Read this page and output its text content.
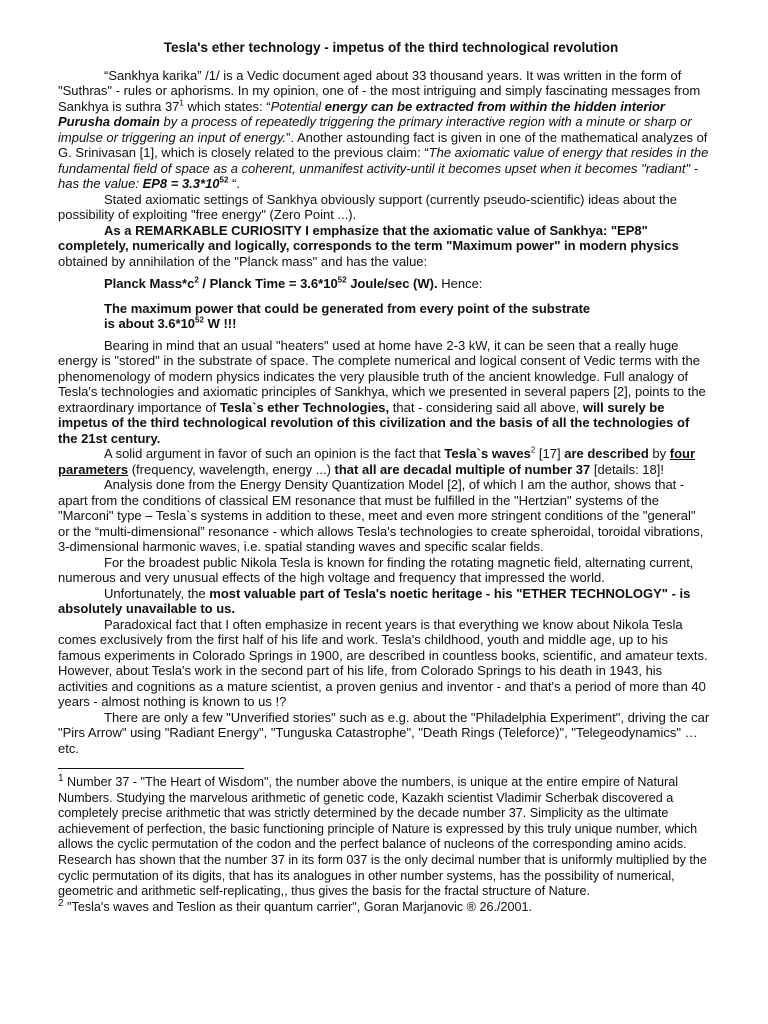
Tesla's ether technology - impetus of the third technological revolution

“Sankhya karika” /1/ is a Vedic document aged about 33 thousand years. It was written in the form of "Suthras" - rules or aphorisms. In my opinion, one of - the most intriguing and simply fascinating messages from Sankhya is suthra $37^1$ which states: “Potential energy can be extracted from within the hidden interior Purusha domain by a process of repeatedly triggering the primary interactive region with a minute or sharp or impulse or triggering an input of energy.”. Another astounding fact is given in one of the mathematical analyzes of G. Srinivasan [1], which is closely related to the previous claim: “The axiomatic value of energy that resides in the fundamental field of space as a coherent, unmanifest activity-until it becomes upset when it becomes "radiant" - has the value: $EP8 = 3.3*10^{52}$ “.

Stated axiomatic settings of Sankhya obviously support (currently pseudo-scientific) ideas about the possibility of exploiting "free energy" (Zero Point ...).

As a REMARKABLE CURIOSITY I emphasize that the axiomatic value of Sankhya: "EP8" completely, numerically and logically, corresponds to the term "Maximum power" in modern physics obtained by annihilation of the "Planck mass" and has the value:

Planck $Mass*c^2$ / Planck Time = $3.6*10^{52}$ Joule/sec (W). Hence:

The maximum power that could be generated from every point of the substrate
is about $3.6*10^{52}$ W !!!

Bearing in mind that an usual "heaters" used at home have 2-3 kW, it can be seen that a really huge energy is "stored" in the substrate of space. The complete numerical and logical consent of Vedic terms with the phenomenology of modern physics indicates the very plausible truth of the ancient knowledge. Full analogy of Tesla's technologies and axiomatic principles of Sankhya, which we presented in several papers [2], points to the extraordinary importance of Tesla`s ether Technologies, that - considering said all above, will surely be impetus of the third technological revolution of this civilization and the basis of all the technologies of the 21st century.

A solid argument in favor of such an opinion is the fact that Tesla`s waves$^2$ [17] are described by four parameters (frequency, wavelength, energy ...) that all are decadal multiple of number 37 [details: 18]!

Analysis done from the Energy Density Quantization Model [2], of which I am the author, shows that - apart from the conditions of classical EM resonance that must be fulfilled in the "Hertzian" systems of the "Marconi" type – Tesla`s systems in addition to these, meet and even more stringent conditions of the "general" or the “multi-dimensional” resonance - which allows Tesla's technologies to create spheroidal, toroidal vibrations, 3-dimensional harmonic waves, i.e. spatial standing waves and specific scalar fields.

For the broadest public Nikola Tesla is known for finding the rotating magnetic field, alternating current, numerous and very unusual effects of the high voltage and frequency that impressed the world.

Unfortunately, the most valuable part of Tesla's noetic heritage - his "ETHER TECHNOLOGY" - is absolutely unavailable to us.

Paradoxical fact that I often emphasize in recent years is that everything we know about Nikola Tesla comes exclusively from the first half of his life and work. Tesla's childhood, youth and middle age, up to his famous experiments in Colorado Springs in 1900, are described in countless books, scientific, and amateur texts. However, about Tesla's work in the second part of his life, from Colorado Springs to his death in 1943, his activities and cognitions as a mature scientist, a proven genius and inventor - and that's a period of more than 40 years - almost nothing is known to us !?

There are only a few "Unverified stories" such as e.g. about the "Philadelphia Experiment", driving the car "Pirs Arrow" using "Radiant Energy", "Tunguska Catastrophe", "Death Rings (Teleforce)", "Telegeodynamics" … etc.

$^1$ Number 37 - "The Heart of Wisdom", the number above the numbers, is unique at the entire empire of Natural Numbers. Studying the marvelous arithmetic of genetic code, Kazakh scientist Vladimir Scherbak discovered a completely precise arithmetic that was strictly determined by the decade number 37. Simplicity as the ultimate achievement of perfection, the basic functioning principle of Nature is expressed by this truly unique number, which allows the cyclic permutation of the codon and the perfect balance of nucleons of the corresponding amino acids. Research has shown that the number 37 in its form 037 is the only decimal number that is uniformly multiplied by the cyclic permutation of its digits, that has its analogues in other number systems, has the possibility of numerical, geometric and arithmetic self-replicating,, thus gives the basis for the fractal structure of Nature.

$^2$ "Tesla's waves and Teslion as their quantum carrier", Goran Marjanovic ® 26./2001.
